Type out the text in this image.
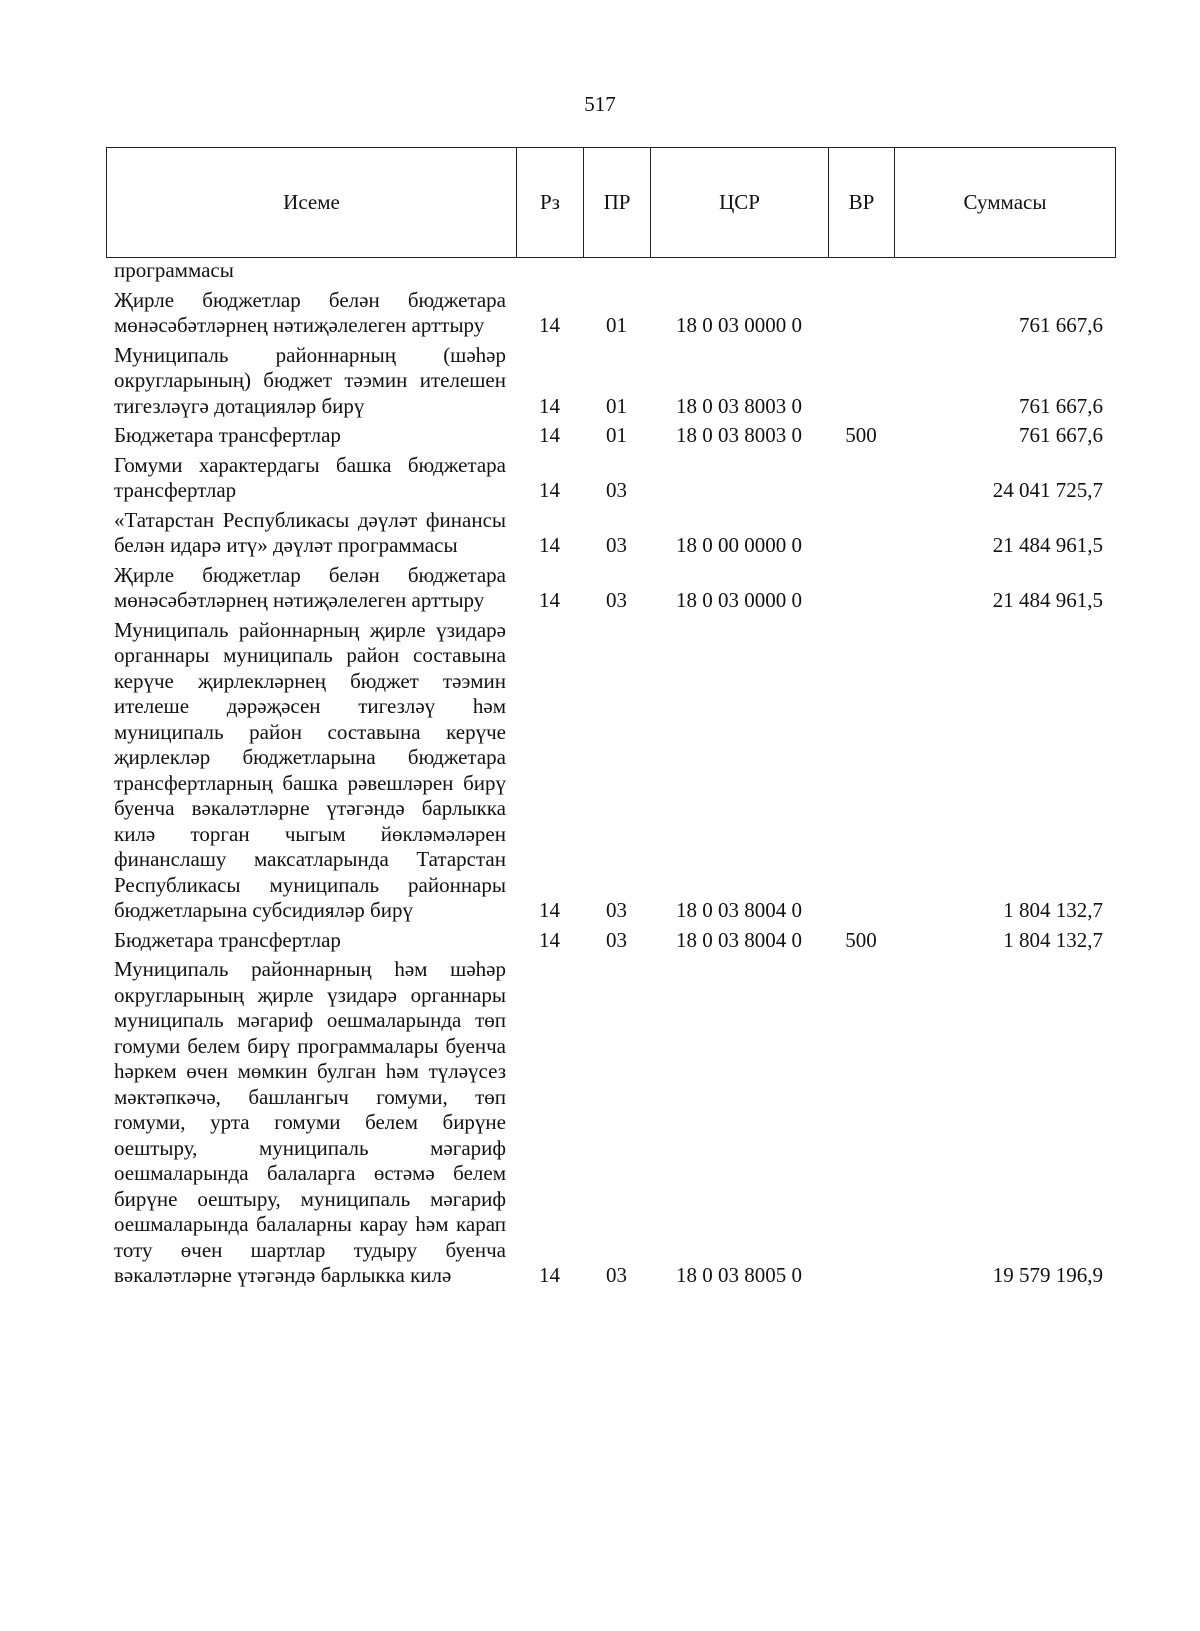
517
Исеме	Рз	ПР	ЦСР	ВР	Суммасы
программасы					
Җирле бюджетлар белән бюджетара мөнәсәбәтләрнең нәтиҗәлелеген арттыру	14	01	18 0 03 0000 0		761 667,6
Муниципаль районнарның (шәһәр округларының) бюджет тәэмин ителешен тигезләүгә дотацияләр бирү	14	01	18 0 03 8003 0		761 667,6
Бюджетара трансфертлар	14	01	18 0 03 8003 0	500	761 667,6
Гомуми характердагы башка бюджетара трансфертлар	14	03			24 041 725,7
«Татарстан Республикасы дәүләт финансы белән идарә итү» дәүләт программасы	14	03	18 0 00 0000 0		21 484 961,5
Җирле бюджетлар белән бюджетара мөнәсәбәтләрнең нәтиҗәлелеген арттыру	14	03	18 0 03 0000 0		21 484 961,5
Муниципаль районнарның җирле үзидарә органнары муниципаль район составына керүче җирлекләрнең бюджет тәэмин ителеше дәрәҗәсен тигезләү һәм муниципаль район составына керүче җирлекләр бюджетларына бюджетара трансфертларның башка рәвешләрен бирү буенча вәкаләтләрне үтәгәндә барлыкка килә торган чыгым йөкләмәләрен финанслашу максатларында Татарстан Республикасы муниципаль районнары бюджетларына субсидияләр бирү	14	03	18 0 03 8004 0		1 804 132,7
Бюджетара трансфертлар	14	03	18 0 03 8004 0	500	1 804 132,7
Муниципаль районнарның һәм шәһәр округларының җирле үзидарә органнары муниципаль мәгариф оешмаларында төп гомуми белем бирү программалары буенча һәркем өчен мөмкин булган һәм түләүсез мәктәпкәчә, башлангыч гомуми, төп гомуми, урта гомуми белем бирүне оештыру, муниципаль мәгариф оешмаларында балаларга өстәмә белем бирүне оештыру, муниципаль мәгариф оешмаларында балаларны карау һәм карап тоту өчен шартлар тудыру буенча вәкаләтләрне үтәгәндә барлыкка килә	14	03	18 0 03 8005 0		19 579 196,9
